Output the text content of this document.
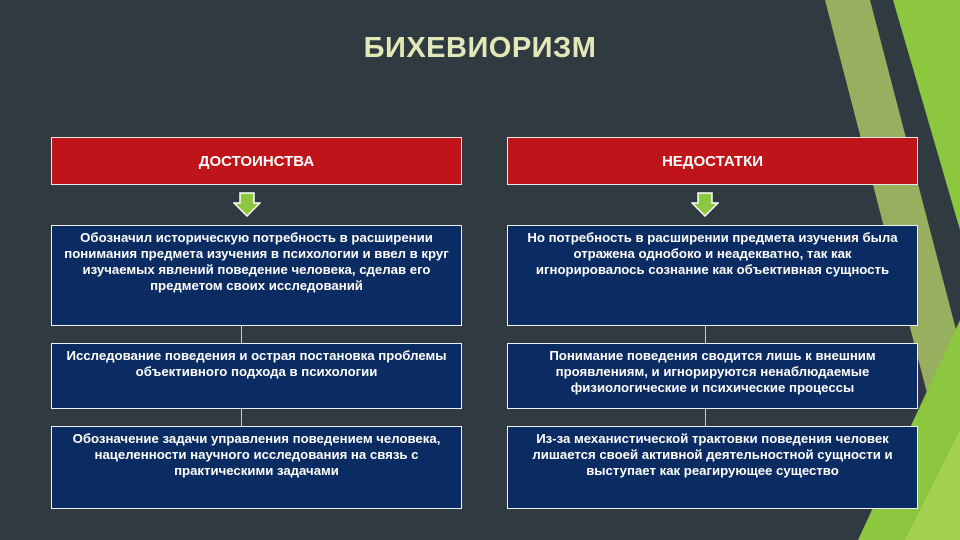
БИХЕВИОРИЗМ
ДОСТОИНСТВА
Обозначил историческую потребность в расширении понимания предмета изучения в психологии и ввел в круг изучаемых явлений поведение человека, сделав его предметом своих исследований
Исследование поведения и острая постановка проблемы объективного подхода в психологии
Обозначение задачи управления поведением человека, нацеленности научного исследования на связь с практическими задачами
НЕДОСТАТКИ
Но потребность в расширении предмета изучения была отражена однобоко и неадекватно, так как игнорировалось сознание как объективная сущность
Понимание поведения сводится лишь к внешним проявлениям, и игнорируются ненаблюдаемые физиологические и психические процессы
Из-за механистической трактовки поведения человек лишается своей активной деятельностной сущности и выступает как реагирующее существо
